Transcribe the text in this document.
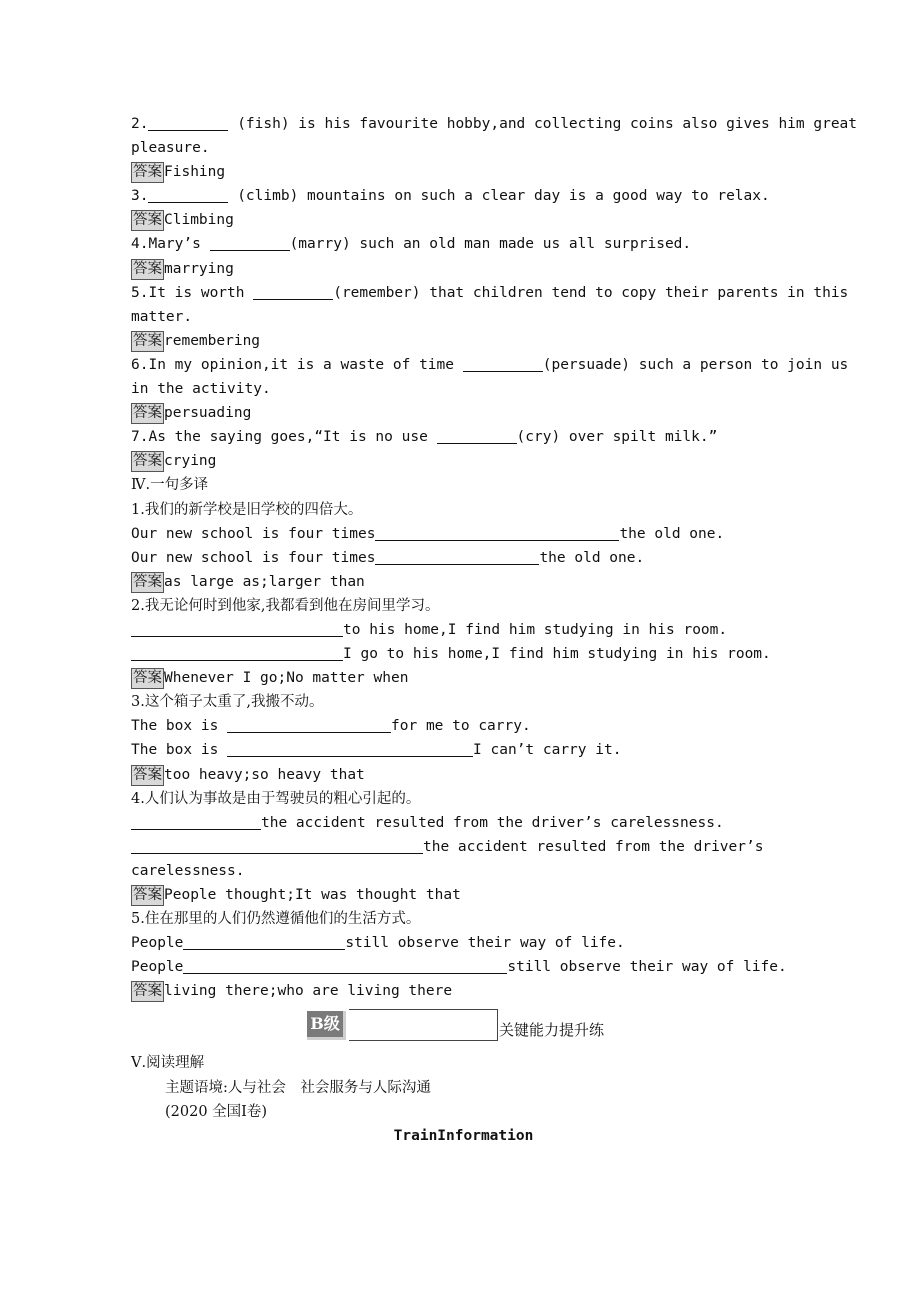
2.	(fish) is his favourite hobby,and collecting coins also gives him great
pleasure.
答案 Fishing
3.	(climb) mountains on such a clear day is a good way to relax.
答案 Climbing
4.Mary’s	(marry) such an old man made us all surprised.
答案 marrying
5.It is worth	(remember) that children tend to copy their parents in this
matter.
答案 remembering
6.In my opinion,it is a waste of time	(persuade) such a person to join us
in the activity.
答案 persuading
7.As the saying goes,“It is no use	(cry) over spilt milk.”
答案 crying
Ⅳ.一句多译
1.我们的新学校是旧学校的四倍大。
Our new school is four times	the old one.
Our new school is four times	the old one.
答案 as large as;larger than
2.我无论何时到他家,我都看到他在房间里学习。
to his home,I find him studying in his room.
I go to his home,I find him studying in his room.
答案 Whenever I go;No matter when
3.这个箱子太重了,我搬不动。
The box is	for me to carry.
The box is	I can’t carry it.
答案 too heavy;so heavy that
4.人们认为事故是由于驾驶员的粗心引起的。
the accident resulted from the driver’s carelessness.
the accident resulted from the driver’s
carelessness.
答案 People thought;It was thought that
5.住在那里的人们仍然遵循他们的生活方式。
People	still observe their way of life.
People	still observe their way of life.
答案 living there;who are living there
B级	关键能力提升练
Ⅴ.阅读理解
主题语境:人与社会　社会服务与人际沟通
(2020 全国Ⅰ卷)
TrainInformation
